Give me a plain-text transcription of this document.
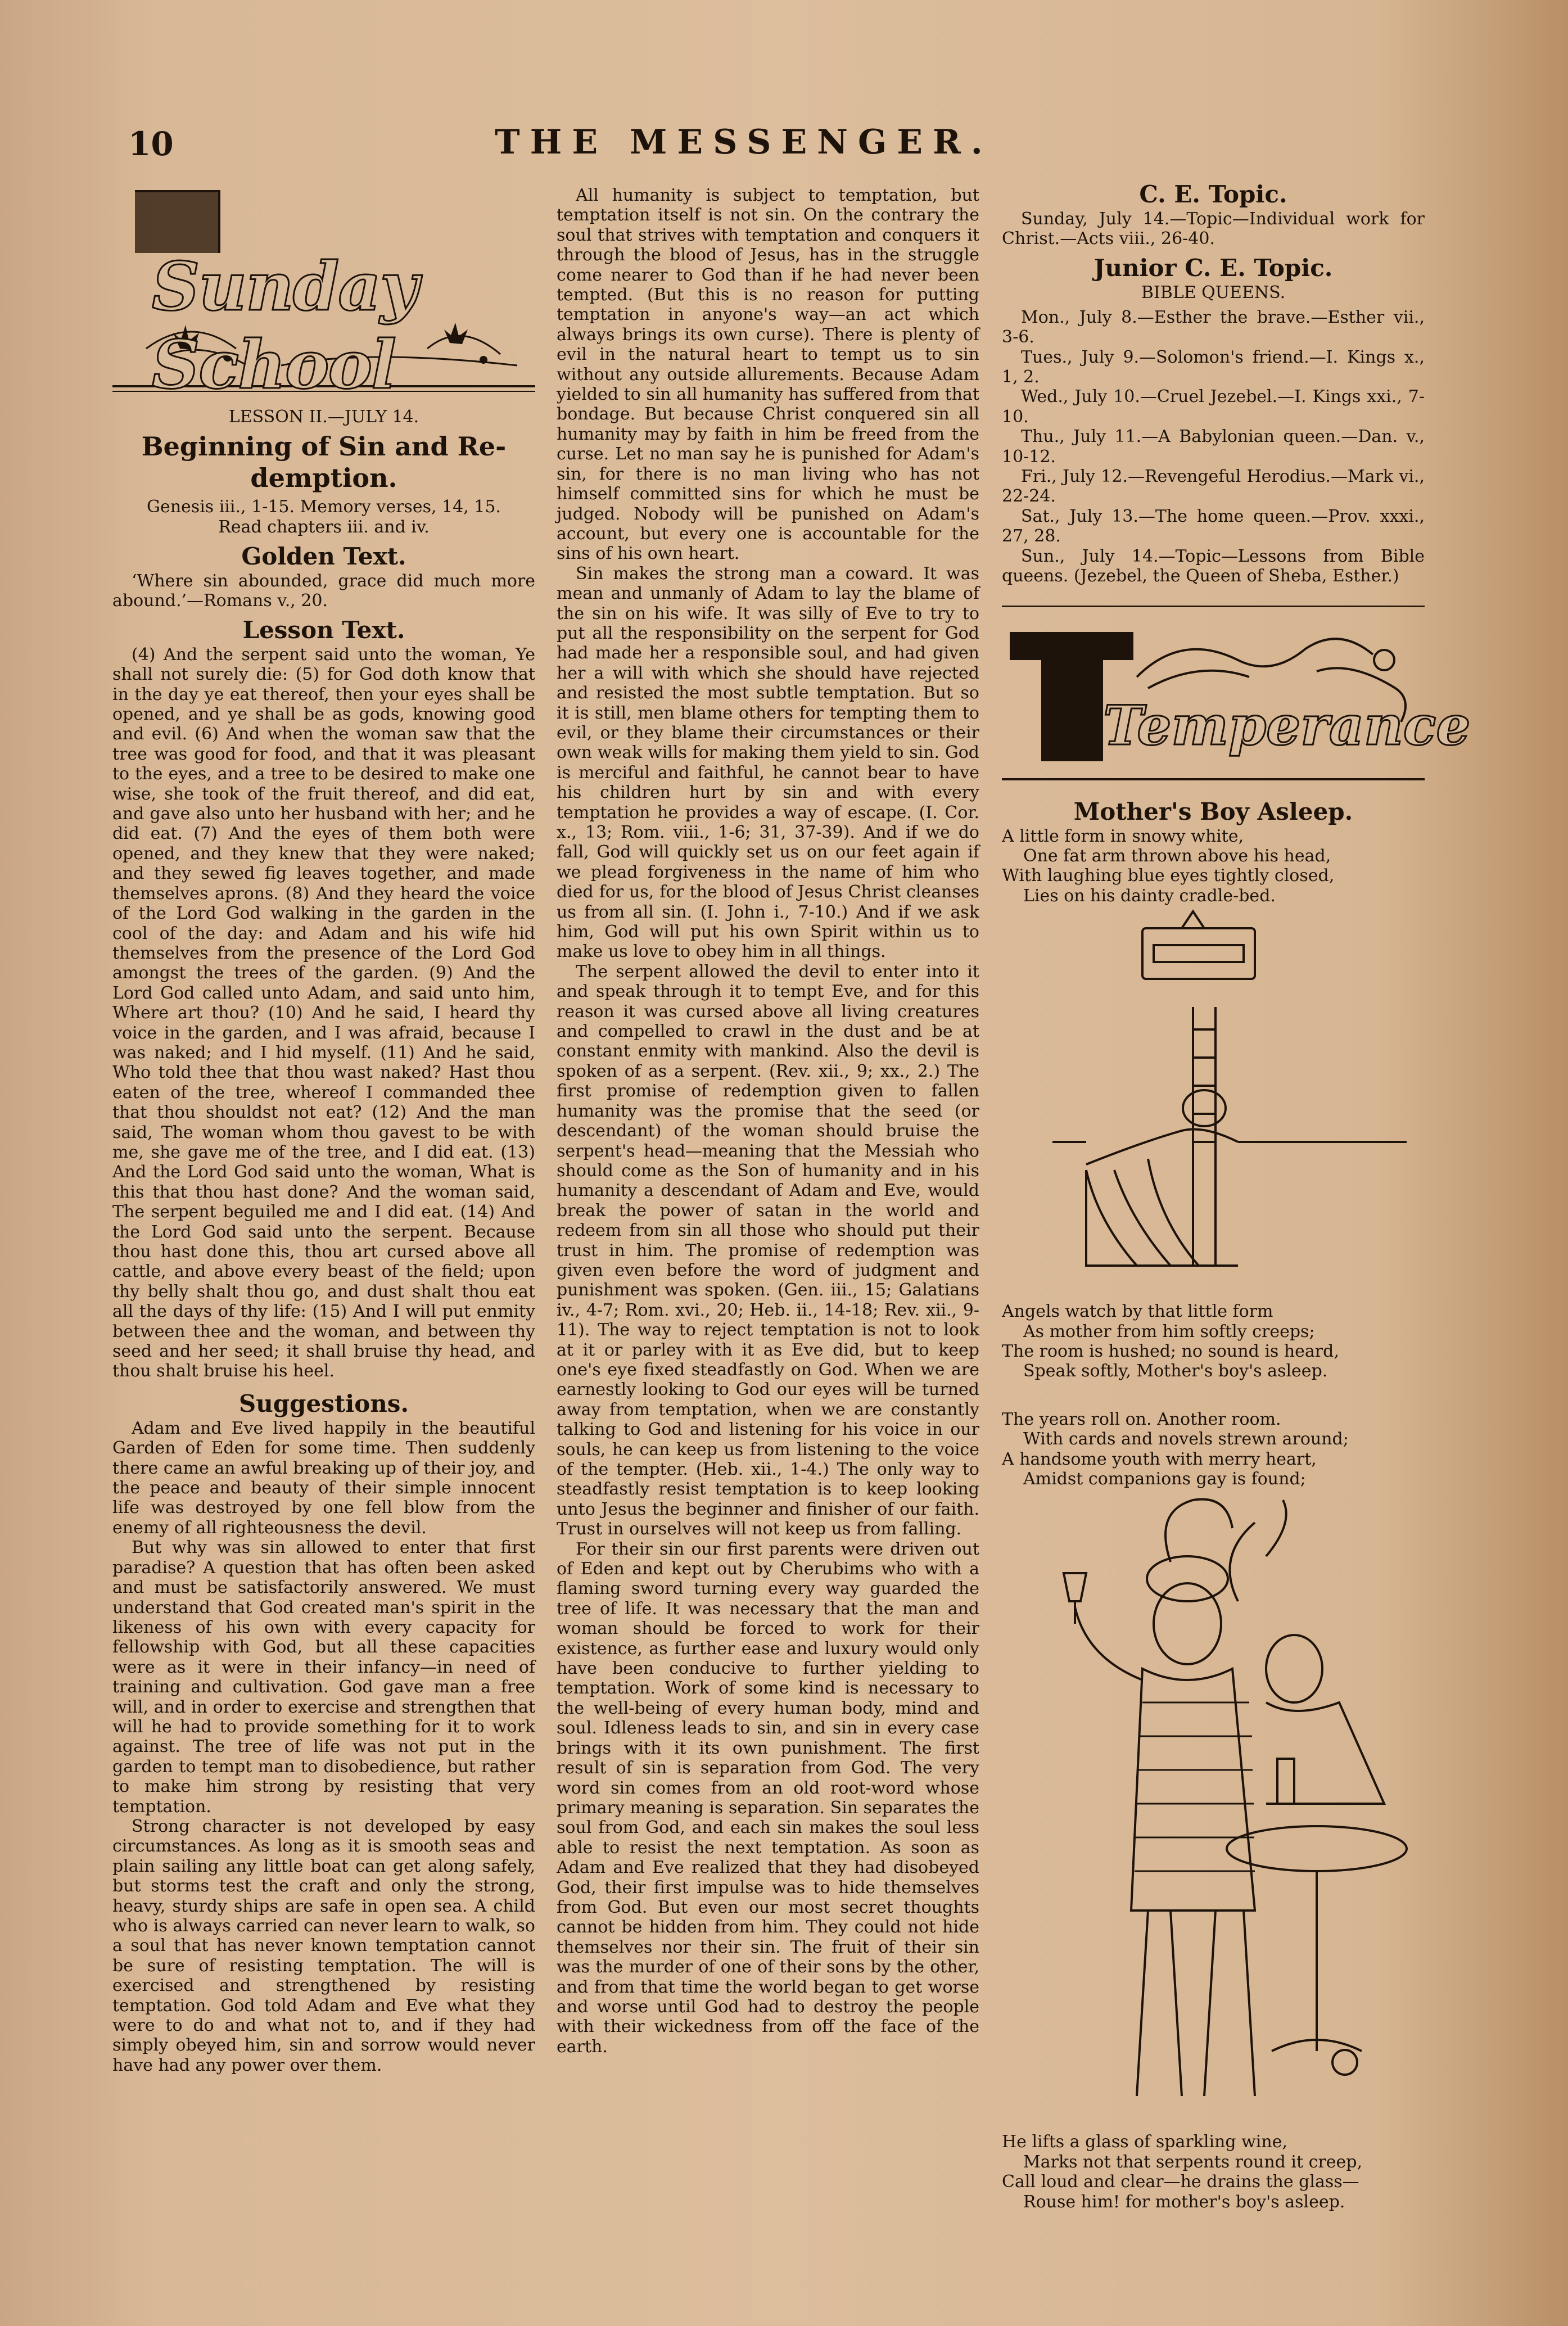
10	THE MESSENGER.
Sunday School

LESSON II.—JULY 14.

Beginning of Sin and Re-

demption.

Genesis iii., 1-15. Memory verses, 14, 15.

Read chapters iii. and iv.

Golden Text.

‘Where sin abounded, grace did much more abound.’—Romans v., 20.

Lesson Text.

(4) And the serpent said unto the woman, Ye shall not surely die: (5) for God doth know that in the day ye eat thereof, then your eyes shall be opened, and ye shall be as gods, knowing good and evil. (6) And when the woman saw that the tree was good for food, and that it was pleasant to the eyes, and a tree to be desired to make one wise, she took of the fruit thereof, and did eat, and gave also unto her husband with her; and he did eat. (7) And the eyes of them both were opened, and they knew that they were naked; and they sewed fig leaves together, and made themselves aprons. (8) And they heard the voice of the Lord God walking in the garden in the cool of the day: and Adam and his wife hid themselves from the presence of the Lord God amongst the trees of the garden. (9) And the Lord God called unto Adam, and said unto him, Where art thou? (10) And he said, I heard thy voice in the garden, and I was afraid, because I was naked; and I hid myself. (11) And he said, Who told thee that thou wast naked? Hast thou eaten of the tree, whereof I commanded thee that thou shouldst not eat? (12) And the man said, The woman whom thou gavest to be with me, she gave me of the tree, and I did eat. (13) And the Lord God said unto the woman, What is this that thou hast done? And the woman said, The serpent beguiled me and I did eat. (14) And the Lord God said unto the serpent. Because thou hast done this, thou art cursed above all cattle, and above every beast of the field; upon thy belly shalt thou go, and dust shalt thou eat all the days of thy life: (15) And I will put enmity between thee and the woman, and between thy seed and her seed; it shall bruise thy head, and thou shalt bruise his heel.

Suggestions.

Adam and Eve lived happily in the beautiful Garden of Eden for some time. Then suddenly there came an awful breaking up of their joy, and the peace and beauty of their simple innocent life was destroyed by one fell blow from the enemy of all righteousness the devil.

But why was sin allowed to enter that first paradise? A question that has often been asked and must be satisfactorily answered. We must understand that God created man's spirit in the likeness of his own with every capacity for fellowship with God, but all these capacities were as it were in their infancy—in need of training and cultivation. God gave man a free will, and in order to exercise and strengthen that will he had to provide something for it to work against. The tree of life was not put in the garden to tempt man to disobedience, but rather to make him strong by resisting that very temptation.

Strong character is not developed by easy circumstances. As long as it is smooth seas and plain sailing any little boat can get along safely, but storms test the craft and only the strong, heavy, sturdy ships are safe in open sea. A child who is always carried can never learn to walk, so a soul that has never known temptation cannot be sure of resisting temptation. The will is exercised and strengthened by resisting temptation. God told Adam and Eve what they were to do and what not to, and if they had simply obeyed him, sin and sorrow would never have had any power over them.

All humanity is subject to temptation, but temptation itself is not sin. On the contrary the soul that strives with temptation and conquers it through the blood of Jesus, has in the struggle come nearer to God than if he had never been tempted. (But this is no reason for putting temptation in anyone's way—an act which always brings its own curse). There is plenty of evil in the natural heart to tempt us to sin without any outside allurements. Because Adam yielded to sin all humanity has suffered from that bondage. But because Christ conquered sin all humanity may by faith in him be freed from the curse. Let no man say he is punished for Adam's sin, for there is no man living who has not himself committed sins for which he must be judged. Nobody will be punished on Adam's account, but every one is accountable for the sins of his own heart.

Sin makes the strong man a coward. It was mean and unmanly of Adam to lay the blame of the sin on his wife. It was silly of Eve to try to put all the responsibility on the serpent for God had made her a responsible soul, and had given her a will with which she should have rejected and resisted the most subtle temptation. But so it is still, men blame others for tempting them to evil, or they blame their circumstances or their own weak wills for making them yield to sin. God is merciful and faithful, he cannot bear to have his children hurt by sin and with every temptation he provides a way of escape. (I. Cor. x., 13; Rom. viii., 1-6; 31, 37-39). And if we do fall, God will quickly set us on our feet again if we plead forgiveness in the name of him who died for us, for the blood of Jesus Christ cleanses us from all sin. (I. John i., 7-10.) And if we ask him, God will put his own Spirit within us to make us love to obey him in all things.

The serpent allowed the devil to enter into it and speak through it to tempt Eve, and for this reason it was cursed above all living creatures and compelled to crawl in the dust and be at constant enmity with mankind. Also the devil is spoken of as a serpent. (Rev. xii., 9; xx., 2.) The first promise of redemption given to fallen humanity was the promise that the seed (or descendant) of the woman should bruise the serpent's head—meaning that the Messiah who should come as the Son of humanity and in his humanity a descendant of Adam and Eve, would break the power of satan in the world and redeem from sin all those who should put their trust in him. The promise of redemption was given even before the word of judgment and punishment was spoken. (Gen. iii., 15; Galatians iv., 4-7; Rom. xvi., 20; Heb. ii., 14-18; Rev. xii., 9-11). The way to reject temptation is not to look at it or parley with it as Eve did, but to keep one's eye fixed steadfastly on God. When we are earnestly looking to God our eyes will be turned away from temptation, when we are constantly talking to God and listening for his voice in our souls, he can keep us from listening to the voice of the tempter. (Heb. xii., 1-4.) The only way to steadfastly resist temptation is to keep looking unto Jesus the beginner and finisher of our faith. Trust in ourselves will not keep us from falling.

For their sin our first parents were driven out of Eden and kept out by Cherubims who with a flaming sword turning every way guarded the tree of life. It was necessary that the man and woman should be forced to work for their existence, as further ease and luxury would only have been conducive to further yielding to temptation. Work of some kind is necessary to the well-being of every human body, mind and soul. Idleness leads to sin, and sin in every case brings with it its own punishment. The first result of sin is separation from God. The very word sin comes from an old root-word whose primary meaning is separation. Sin separates the soul from God, and each sin makes the soul less able to resist the next temptation. As soon as Adam and Eve realized that they had disobeyed God, their first impulse was to hide themselves from God. But even our most secret thoughts cannot be hidden from him. They could not hide themselves nor their sin. The fruit of their sin was the murder of one of their sons by the other, and from that time the world began to get worse and worse until God had to destroy the people with their wickedness from off the face of the earth.

C. E. Topic.

Sunday, July 14.—Topic—Individual work for Christ.—Acts viii., 26-40.

Junior C. E. Topic.

BIBLE QUEENS.

Mon., July 8.—Esther the brave.—Esther vii., 3-6.

Tues., July 9.—Solomon's friend.—I. Kings x., 1, 2.

Wed., July 10.—Cruel Jezebel.—I. Kings xxi., 7-10.

Thu., July 11.—A Babylonian queen.—Dan. v., 10-12.

Fri., July 12.—Revengeful Herodius.—Mark vi., 22-24.

Sat., July 13.—The home queen.—Prov. xxxi., 27, 28.

Sun., July 14.—Topic—Lessons from Bible queens. (Jezebel, the Queen of Sheba, Esther.)

Temperance

Mother's Boy Asleep.

A little form in snowy white,
One fat arm thrown above his head,
With laughing blue eyes tightly closed,
Lies on his dainty cradle-bed.
Angels watch by that little form
As mother from him softly creeps;
The room is hushed; no sound is heard,
Speak softly, Mother's boy's asleep.
The years roll on. Another room.
With cards and novels strewn around;
A handsome youth with merry heart,
Amidst companions gay is found;
He lifts a glass of sparkling wine,
Marks not that serpents round it creep,
Call loud and clear—he drains the glass—
Rouse him! for mother's boy's asleep.
